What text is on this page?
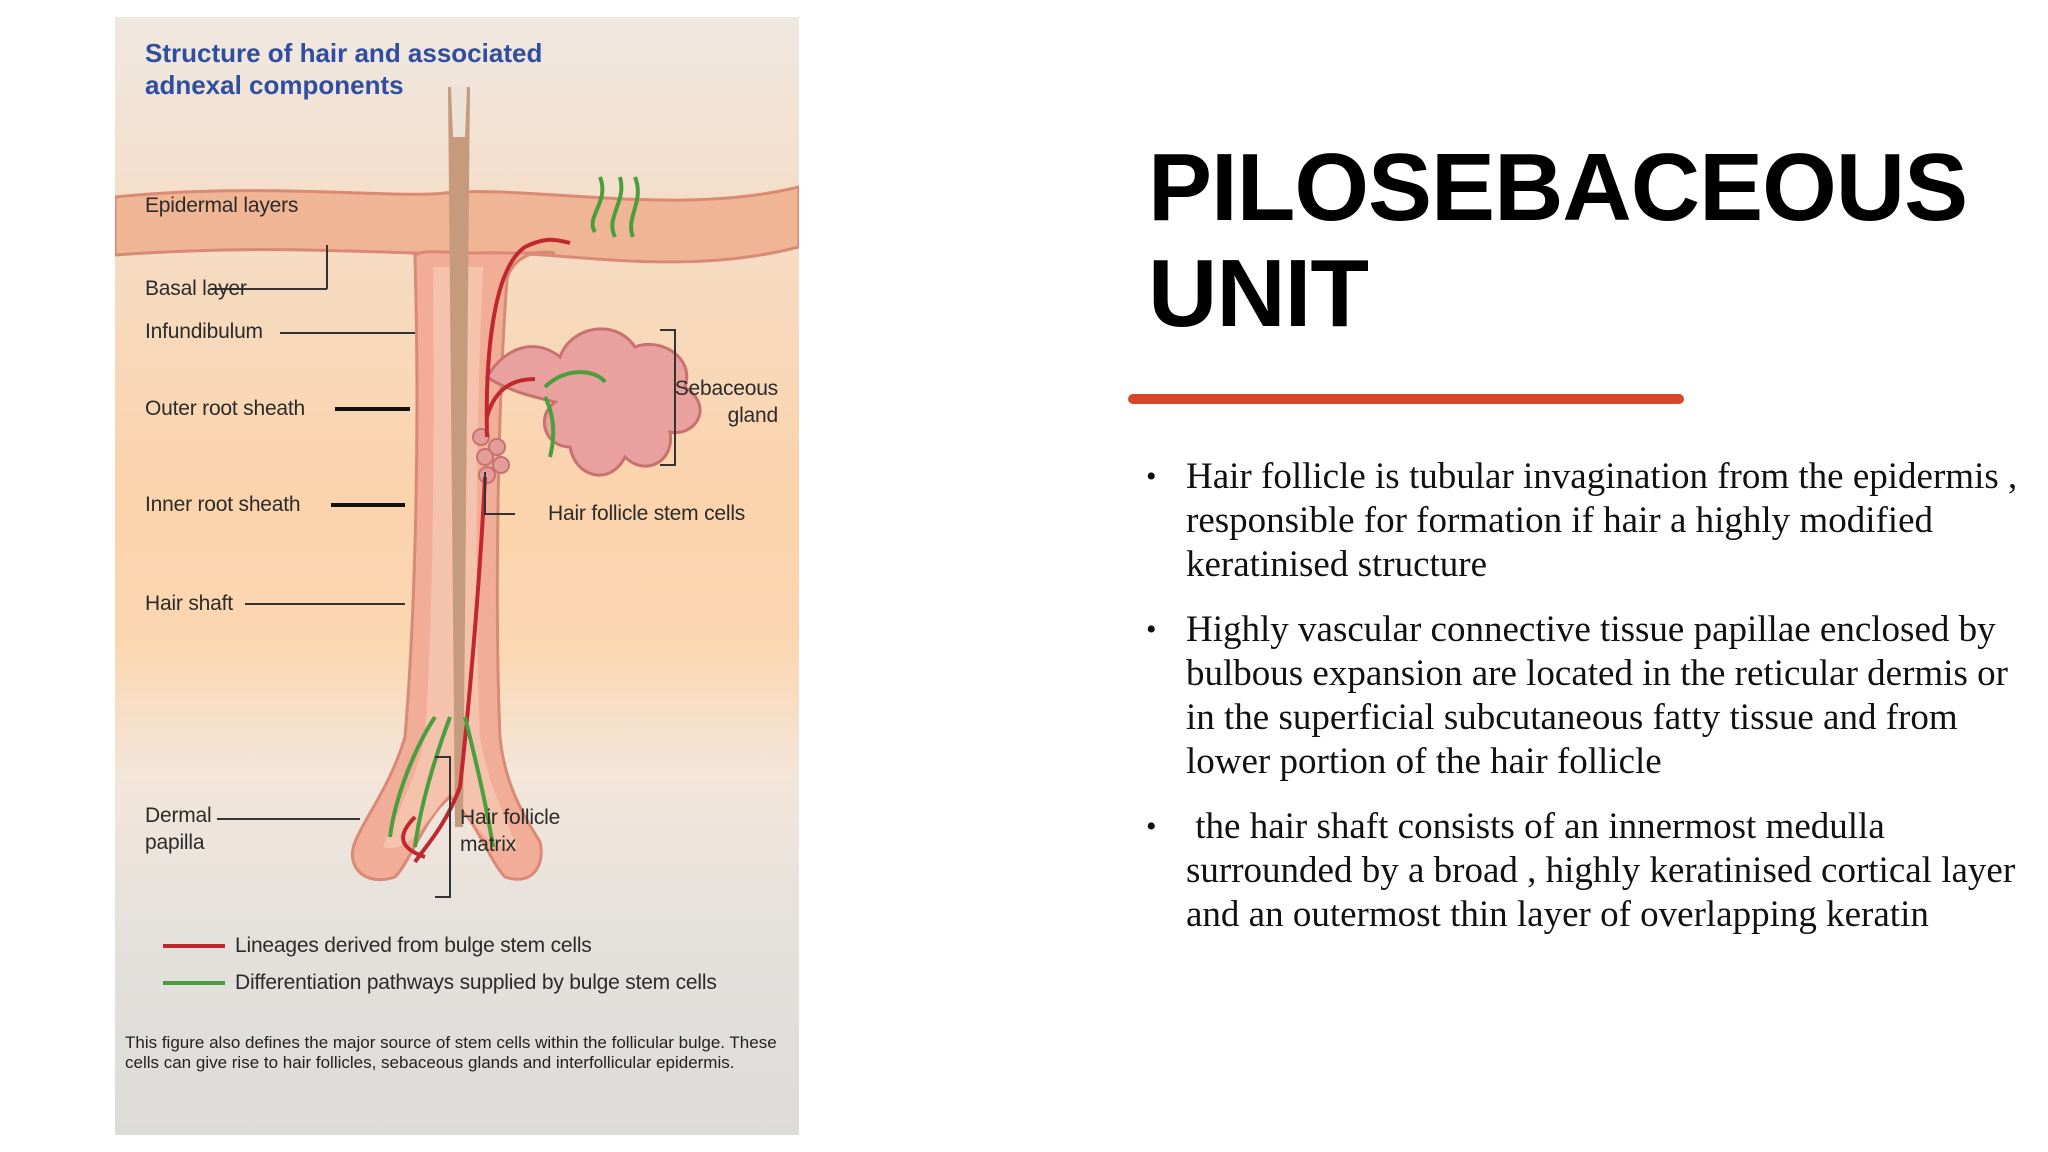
Structure of hair and associated
adnexal components
Epidermal layers
Basal layer
Infundibulum
Outer root sheath
Inner root sheath
Hair shaft
Dermal
papilla
Sebaceous
gland
Hair follicle stem cells
Hair follicle
matrix
Lineages derived from bulge stem cells
Differentiation pathways supplied by bulge stem cells
This figure also defines the major source of stem cells within the follicular bulge. These cells can give rise to hair follicles, sebaceous glands and interfollicular epidermis.
PILOSEBACEOUS
UNIT
• Hair follicle is tubular invagination from the epidermis , responsible for formation if hair a highly modified keratinised structure
• Highly vascular connective tissue papillae enclosed by bulbous expansion are located in the reticular dermis or in the superficial subcutaneous fatty tissue and from lower portion of the hair follicle
• the hair shaft consists of an innermost medulla surrounded by a broad , highly keratinised cortical layer and an outermost thin layer of overlapping keratin
